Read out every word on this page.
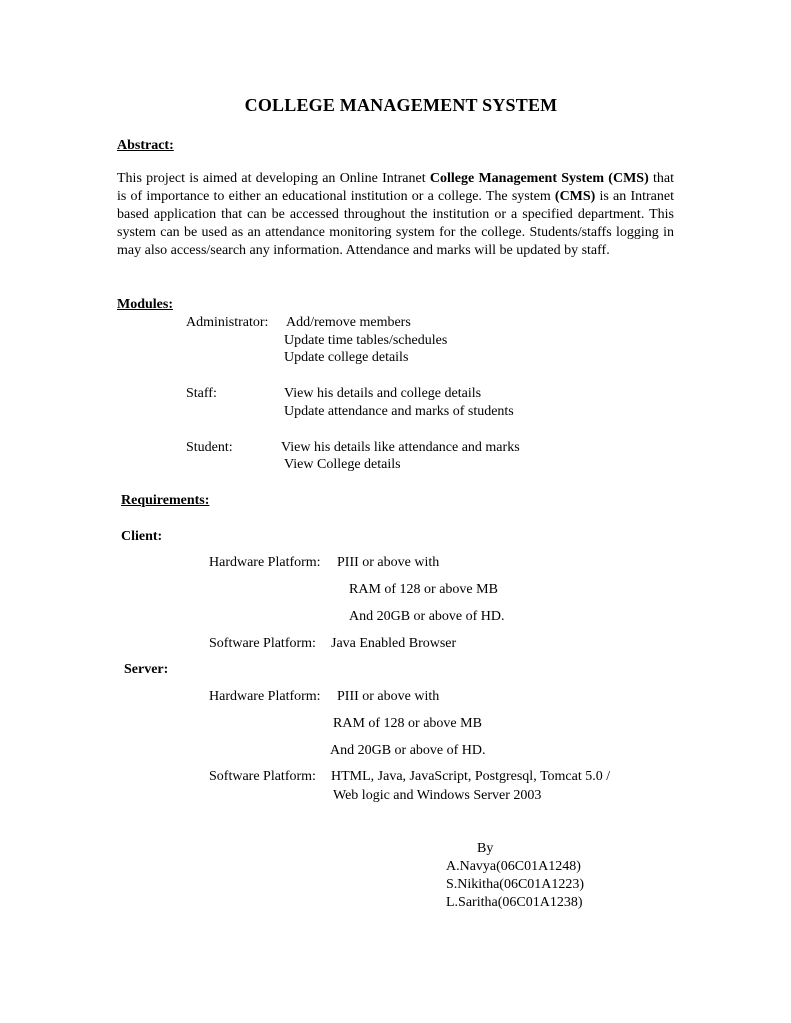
COLLEGE MANAGEMENT SYSTEM
Abstract:
This project is aimed at developing an Online Intranet College Management System (CMS) that is of importance to either an educational institution or a college. The system (CMS) is an Intranet based application that can be accessed throughout the institution or a specified department. This system can be used as an attendance monitoring system for the college. Students/staffs logging in may also access/search any information. Attendance and marks will be updated by staff.
Modules:
Administrator: Add/remove members
Update time tables/schedules
Update college details
Staff:	View his details and college details
Update attendance and marks of students
Student:	View his details like attendance and marks
View College details
Requirements:
Client:
Hardware Platform: PIII or above with
RAM of 128 or above MB
And 20GB or above of HD.
Software Platform: Java Enabled Browser
Server:
Hardware Platform: PIII or above with
RAM of 128 or above MB
And 20GB or above of HD.
Software Platform: HTML, Java, JavaScript, Postgresql, Tomcat 5.0 /
Web logic and Windows Server 2003
By
A.Navya(06C01A1248)
S.Nikitha(06C01A1223)
L.Saritha(06C01A1238)
